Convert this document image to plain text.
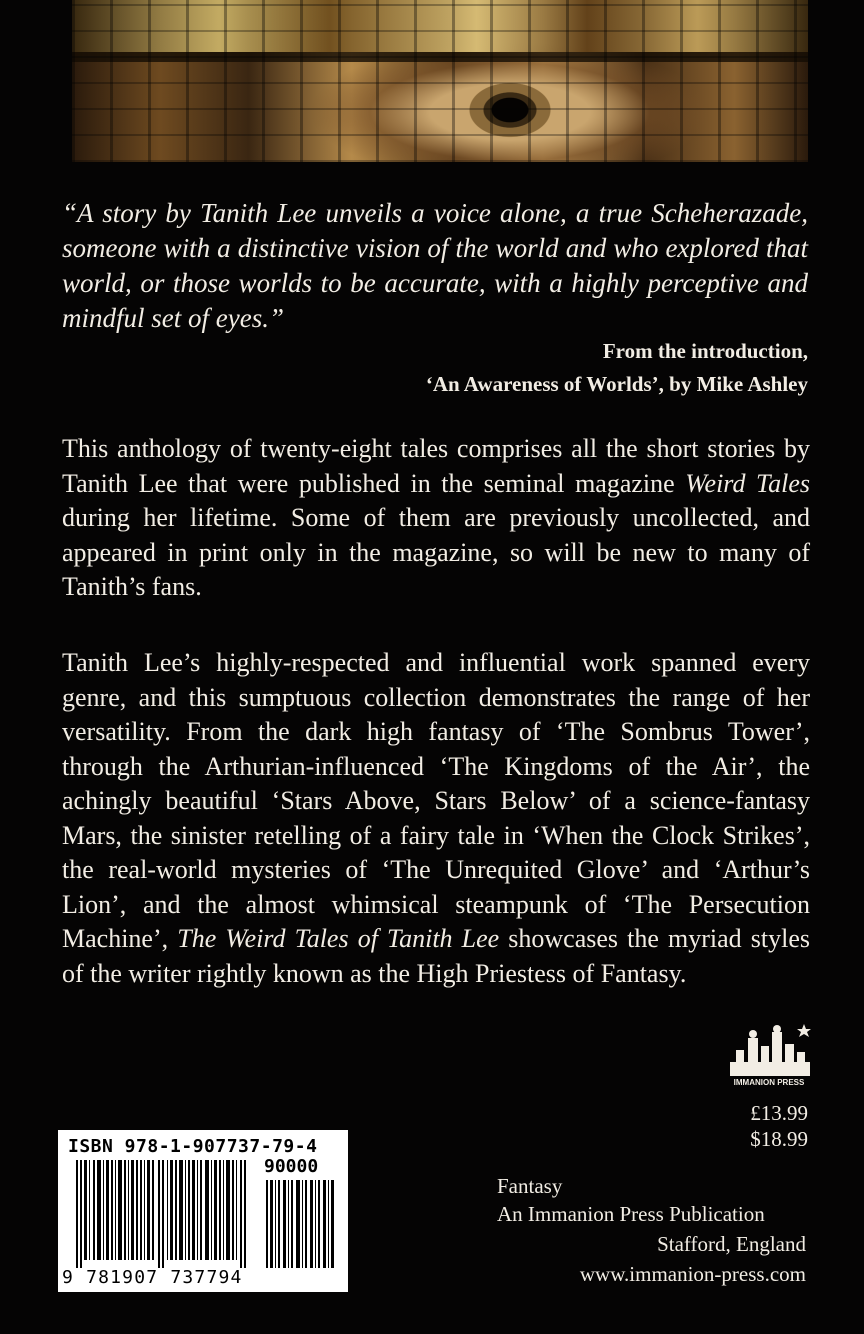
“A story by Tanith Lee unveils a voice alone, a true Scheherazade, someone with a distinctive vision of the world and who explored that world, or those worlds to be accurate, with a highly perceptive and mindful set of eyes.”

From the introduction,

‘An Awareness of Worlds’, by Mike Ashley

This anthology of twenty-eight tales comprises all the short stories by Tanith Lee that were published in the seminal magazine Weird Tales during her lifetime. Some of them are previously uncollected, and appeared in print only in the magazine, so will be new to many of Tanith’s fans.

Tanith Lee’s highly-respected and influential work spanned every genre, and this sumptuous collection demonstrates the range of her versatility. From the dark high fantasy of ‘The Sombrus Tower’, through the Arthurian-influenced ‘The Kingdoms of the Air’, the achingly beautiful ‘Stars Above, Stars Below’ of a science-fantasy Mars, the sinister retelling of a fairy tale in ‘When the Clock Strikes’, the real-world mysteries of ‘The Unrequited Glove’ and ‘Arthur’s Lion’, and the almost whimsical steampunk of ‘The Persecution Machine’, The Weird Tales of Tanith Lee showcases the myriad styles of the writer rightly known as the High Priestess of Fantasy.

IMMANION PRESS

£13.99

$18.99

Fantasy

An Immanion Press Publication

Stafford, England

www.immanion-press.com

ISBN 978-1-907737-79-4

90000

9 781907 737794
